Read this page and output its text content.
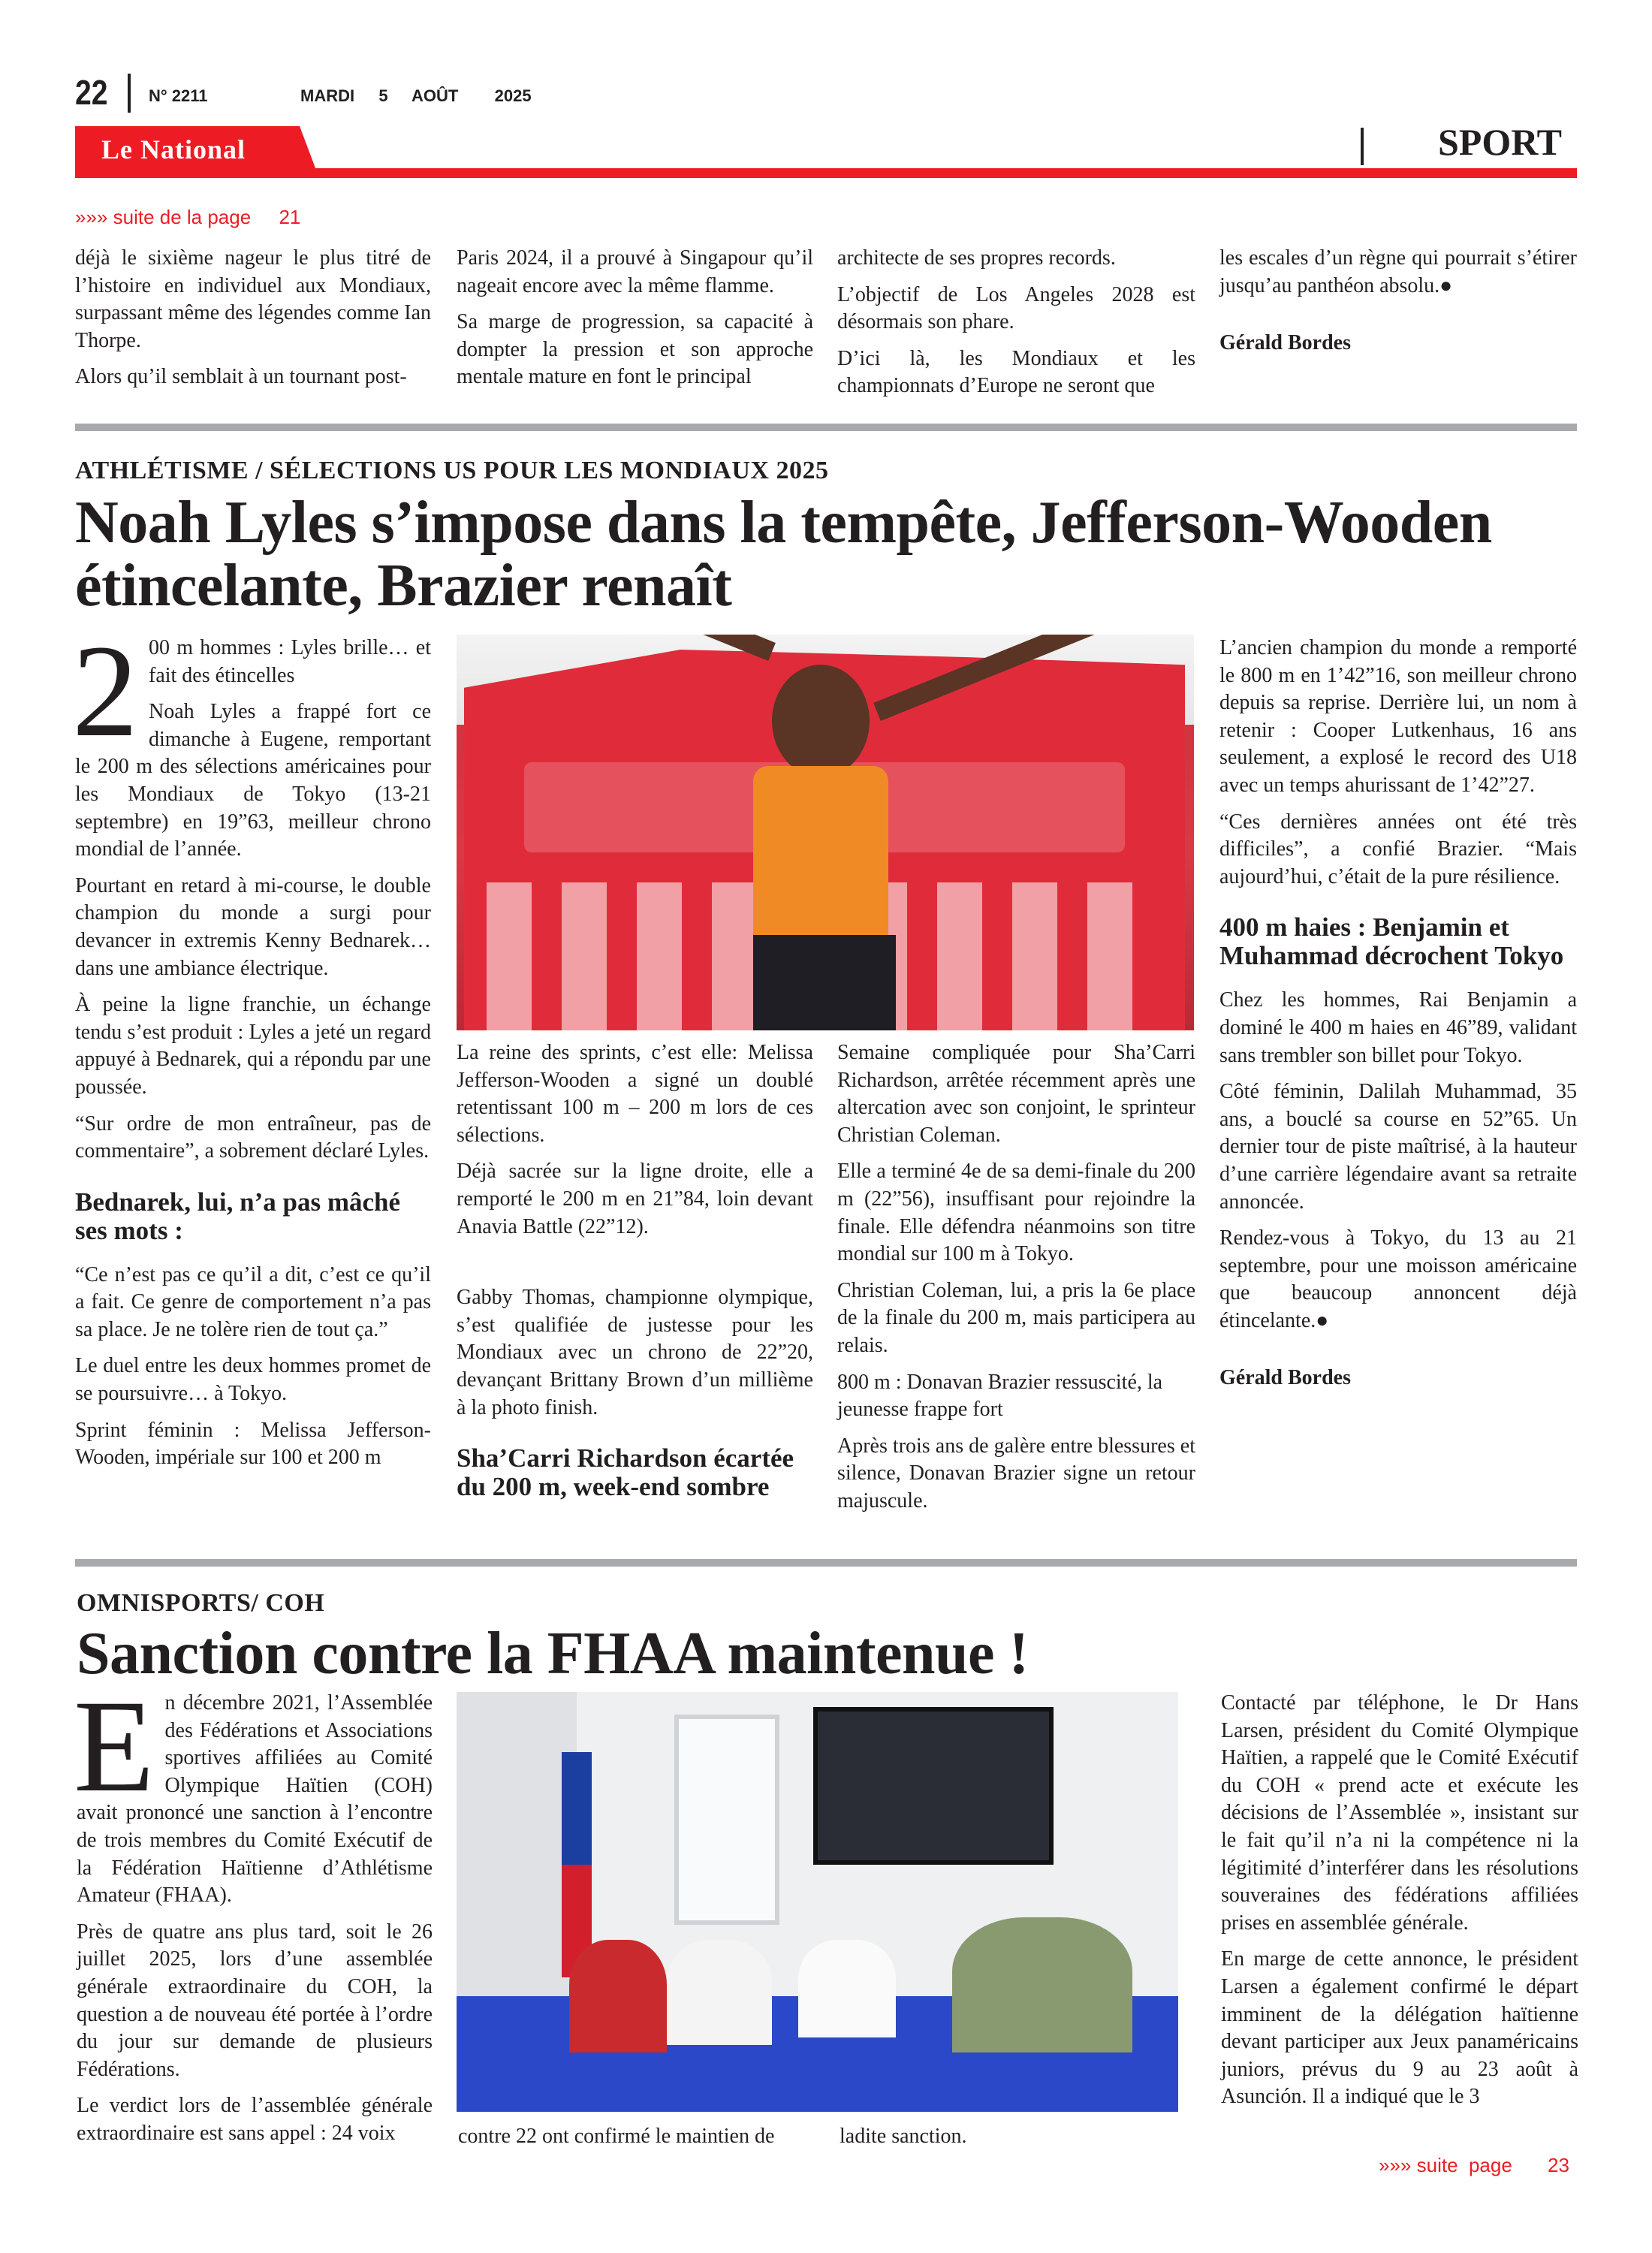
22 N° 2211	MARDI  5  AOÛT   2025
Le National	SPORT
»»» suite de la page 21

déjà le sixième nageur le plus titré de l’histoire en individuel aux Mondiaux, surpassant même des légendes comme Ian Thorpe.

Alors qu’il semblait à un tournant post-

Paris 2024, il a prouvé à Singapour qu’il nageait encore avec la même flamme.

Sa marge de progression, sa capacité à dompter la pression et son approche mentale mature en font le principal

architecte de ses propres records.

L’objectif de Los Angeles 2028 est désormais son phare.

D’ici là, les Mondiaux et les championnats d’Europe ne seront que

les escales d’un règne qui pourrait s’étirer jusqu’au panthéon absolu.●

Gérald Bordes

ATHLÉTISME / SÉLECTIONS US POUR LES MONDIAUX 2025
Noah Lyles s’impose dans la tempête, Jefferson-Wooden étincelante, Brazier renaît
2 00 m hommes : Lyles brille… et fait des étincelles

Noah Lyles a frappé fort ce dimanche à Eugene, remportant le 200 m des sélections américaines pour les Mondiaux de Tokyo (13-21 septembre) en 19”63, meilleur chrono mondial de l’année.

Pourtant en retard à mi-course, le double champion du monde a surgi pour devancer in extremis Kenny Bednarek… dans une ambiance électrique.

À peine la ligne franchie, un échange tendu s’est produit : Lyles a jeté un regard appuyé à Bednarek, qui a répondu par une poussée.

“Sur ordre de mon entraîneur, pas de commentaire”, a sobrement déclaré Lyles.

Bednarek, lui, n’a pas mâché ses mots :

“Ce n’est pas ce qu’il a dit, c’est ce qu’il a fait. Ce genre de comportement n’a pas sa place. Je ne tolère rien de tout ça.”

Le duel entre les deux hommes promet de se poursuivre… à Tokyo.

Sprint féminin : Melissa Jefferson-Wooden, impériale sur 100 et 200 m

La reine des sprints, c’est elle: Melissa Jefferson-Wooden a signé un doublé retentissant 100 m – 200 m lors de ces sélections.

Déjà sacrée sur la ligne droite, elle a remporté le 200 m en 21”84, loin devant Anavia Battle (22”12).

Gabby Thomas, championne olympique, s’est qualifiée de justesse pour les Mondiaux avec un chrono de 22”20, devançant Brittany Brown d’un millième à la photo finish.

Sha’Carri Richardson écartée du 200 m, week-end sombre

Semaine compliquée pour Sha’Carri Richardson, arrêtée récemment après une altercation avec son conjoint, le sprinteur Christian Coleman.

Elle a terminé 4e de sa demi-finale du 200 m (22”56), insuffisant pour rejoindre la finale. Elle défendra néanmoins son titre mondial sur 100 m à Tokyo.

Christian Coleman, lui, a pris la 6e place de la finale du 200 m, mais participera au relais.

800 m : Donavan Brazier ressuscité, la jeunesse frappe fort

Après trois ans de galère entre blessures et silence, Donavan Brazier signe un retour majuscule.

L’ancien champion du monde a remporté le 800 m en 1’42”16, son meilleur chrono depuis sa reprise. Derrière lui, un nom à retenir : Cooper Lutkenhaus, 16 ans seulement, a explosé le record des U18 avec un temps ahurissant de 1’42”27.

“Ces dernières années ont été très difficiles”, a confié Brazier. “Mais aujourd’hui, c’était de la pure résilience.

400 m haies : Benjamin et Muhammad décrochent Tokyo

Chez les hommes, Rai Benjamin a dominé le 400 m haies en 46”89, validant sans trembler son billet pour Tokyo.

Côté féminin, Dalilah Muhammad, 35 ans, a bouclé sa course en 52”65. Un dernier tour de piste maîtrisé, à la hauteur d’une carrière légendaire avant sa retraite annoncée.

Rendez-vous à Tokyo, du 13 au 21 septembre, pour une moisson américaine que beaucoup annoncent déjà étincelante.●

Gérald Bordes

OMNISPORTS/ COH
Sanction contre la FHAA maintenue !
E n décembre 2021, l’Assemblée des Fédérations et Associations sportives affiliées au Comité Olympique Haïtien (COH) avait prononcé une sanction à l’encontre de trois membres du Comité Exécutif de la Fédération Haïtienne d’Athlétisme Amateur (FHAA).

Près de quatre ans plus tard, soit le 26 juillet 2025, lors d’une assemblée générale extraordinaire du COH, la question a de nouveau été portée à l’ordre du jour sur demande de plusieurs Fédérations.

Le verdict lors de l’assemblée générale extraordinaire est sans appel : 24 voix	contre 22 ont confirmé le maintien de	ladite sanction.

Contacté par téléphone, le Dr Hans Larsen, président du Comité Olympique Haïtien, a rappelé que le Comité Exécutif du COH « prend acte et exécute les décisions de l’Assemblée », insistant sur le fait qu’il n’a ni la compétence ni la légitimité d’interférer dans les résolutions souveraines des fédérations affiliées prises en assemblée générale.

En marge de cette annonce, le président Larsen a également confirmé le départ imminent de la délégation haïtienne devant participer aux Jeux panaméricains juniors, prévus du 9 au 23 août à Asunción. Il a indiqué que le 3

»»» suite  page 23
